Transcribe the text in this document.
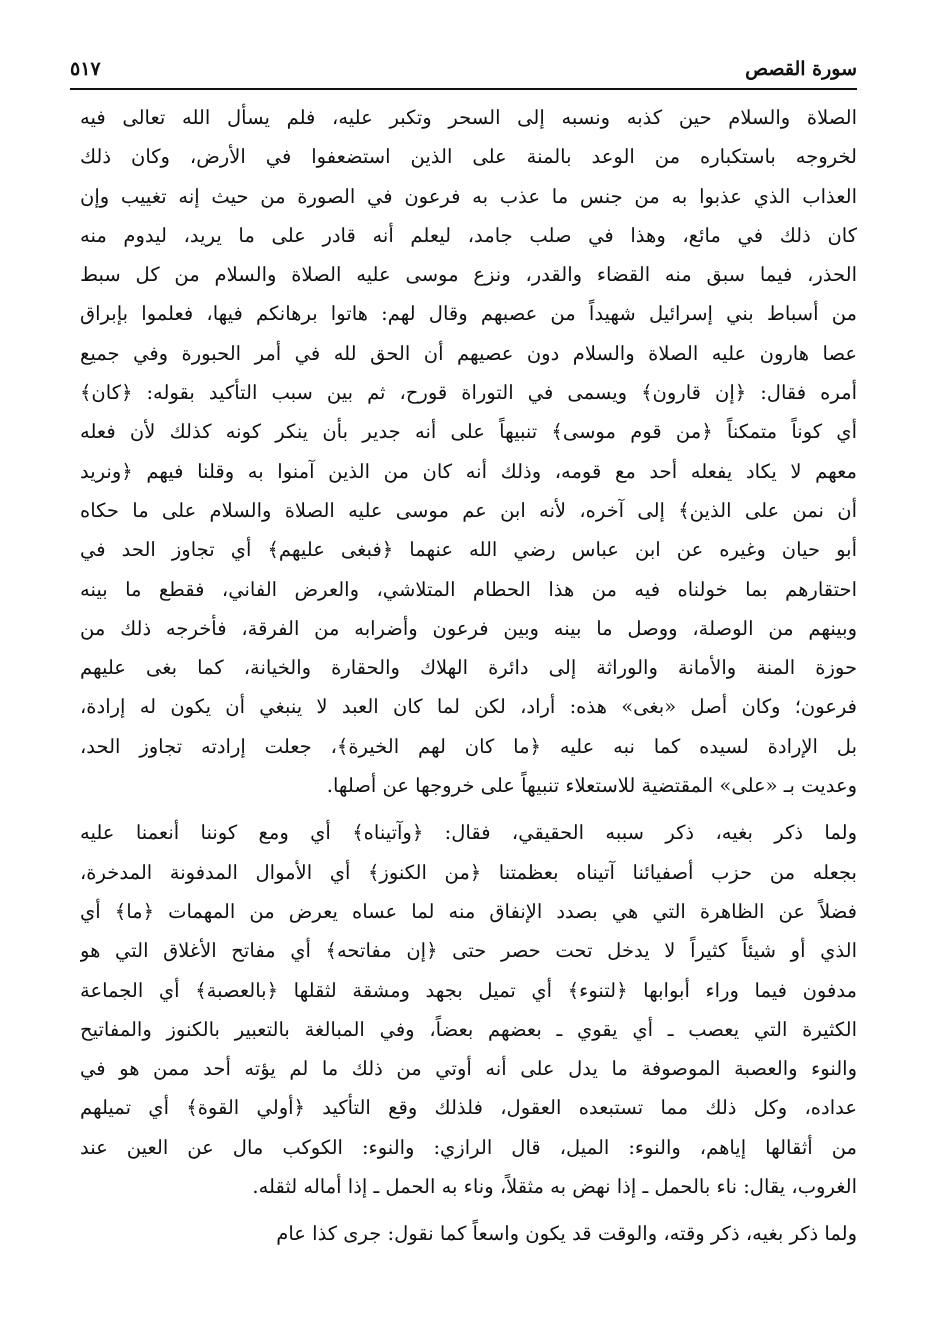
سورة القصص
٥١٧
الصلاة والسلام حين كذبه ونسبه إلى السحر وتكبر عليه، فلم يسأل الله تعالى فيه
لخروجه باستكباره من الوعد بالمنة على الذين استضعفوا في الأرض، وكان ذلك
العذاب الذي عذبوا به من جنس ما عذب به فرعون في الصورة من حيث إنه تغييب وإن
كان ذلك في مائع، وهذا في صلب جامد، ليعلم أنه قادر على ما يريد، ليدوم منه
الحذر، فيما سبق منه القضاء والقدر، ونزع موسى عليه الصلاة والسلام من كل سبط
من أسباط بني إسرائيل شهيداً من عصبهم وقال لهم: هاتوا برهانكم فيها، فعلموا بإبراق
عصا هارون عليه الصلاة والسلام دون عصيهم أن الحق لله في أمر الحبورة وفي جميع
أمره فقال: ﴿إن قارون﴾ ويسمى في التوراة قورح، ثم بين سبب التأكيد بقوله: ﴿كان﴾
أي كوناً متمكناً ﴿من قوم موسى﴾ تنبيهاً على أنه جدير بأن ينكر كونه كذلك لأن فعله
معهم لا يكاد يفعله أحد مع قومه، وذلك أنه كان من الذين آمنوا به وقلنا فيهم ﴿ونريد
أن نمن على الذين﴾ إلى آخره، لأنه ابن عم موسى عليه الصلاة والسلام على ما حكاه
أبو حيان وغيره عن ابن عباس رضي الله عنهما ﴿فبغى عليهم﴾ أي تجاوز الحد في
احتقارهم بما خولناه فيه من هذا الحطام المتلاشي، والعرض الفاني، فقطع ما بينه
وبينهم من الوصلة، ووصل ما بينه وبين فرعون وأضرابه من الفرقة، فأخرجه ذلك من
حوزة المنة والأمانة والوراثة إلى دائرة الهلاك والحقارة والخيانة، كما بغى عليهم
فرعون؛ وكان أصل «بغى» هذه: أراد، لكن لما كان العبد لا ينبغي أن يكون له إرادة،
بل الإرادة لسيده كما نبه عليه ﴿ما كان لهم الخيرة﴾، جعلت إرادته تجاوز الحد،
وعديت بـ «على» المقتضية للاستعلاء تنبيهاً على خروجها عن أصلها.
ولما ذكر بغيه، ذكر سببه الحقيقي، فقال: ﴿وآتيناه﴾ أي ومع كوننا أنعمنا عليه
بجعله من حزب أصفيائنا آتيناه بعظمتنا ﴿من الكنوز﴾ أي الأموال المدفونة المدخرة،
فضلاً عن الظاهرة التي هي بصدد الإنفاق منه لما عساه يعرض من المهمات ﴿ما﴾ أي
الذي أو شيئاً كثيراً لا يدخل تحت حصر حتى ﴿إن مفاتحه﴾ أي مفاتح الأغلاق التي هو
مدفون فيما وراء أبوابها ﴿لتنوء﴾ أي تميل بجهد ومشقة لثقلها ﴿بالعصبة﴾ أي الجماعة
الكثيرة التي يعصب ـ أي يقوي ـ بعضهم بعضاً، وفي المبالغة بالتعبير بالكنوز والمفاتيح
والنوء والعصبة الموصوفة ما يدل على أنه أوتي من ذلك ما لم يؤته أحد ممن هو في
عداده، وكل ذلك مما تستبعده العقول، فلذلك وقع التأكيد ﴿أولي القوة﴾ أي تميلهم
من أثقالها إياهم، والنوء: الميل، قال الرازي: والنوء: الكوكب مال عن العين عند
الغروب، يقال: ناء بالحمل ـ إذا نهض به مثقلاً، وناء به الحمل ـ إذا أماله لثقله.
ولما ذكر بغيه، ذكر وقته، والوقت قد يكون واسعاً كما نقول: جرى كذا عام
